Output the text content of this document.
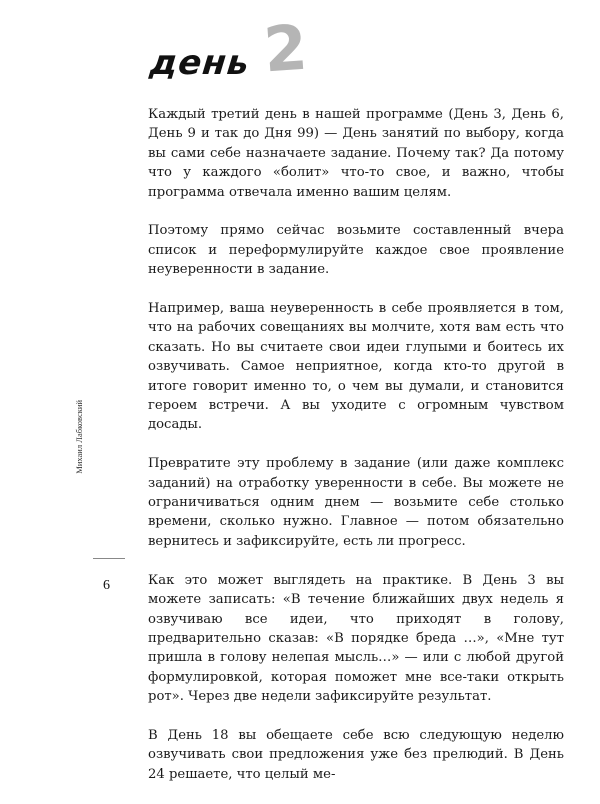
день 2

Каждый третий день в нашей программе (День 3, День 6, День 9 и так до Дня 99) — День занятий по выбору, когда вы сами себе назначаете задание. Почему так? Да потому что у каждого «болит» что-то свое, и важно, чтобы программа отвечала именно вашим целям.

Поэтому прямо сейчас возьмите составленный вчера список и переформулируйте каждое свое проявление неуверенности в задание.

Например, ваша неуверенность в себе проявляется в том, что на рабочих совещаниях вы молчите, хотя вам есть что сказать. Но вы считаете свои идеи глупыми и боитесь их озвучивать. Самое неприятное, когда кто-то другой в итоге говорит именно то, о чем вы думали, и становится героем встречи. А вы уходите с огромным чувством досады.

Превратите эту проблему в задание (или даже комплекс заданий) на отработку уверенности в себе. Вы можете не ограничиваться одним днем — возьмите себе столько времени, сколько нужно. Главное — потом обязательно вернитесь и зафиксируйте, есть ли прогресс.

Как это может выглядеть на практике. В День 3 вы можете записать: «В течение ближайших двух недель я озвучиваю все идеи, что приходят в голову, предварительно сказав: «В порядке бреда …», «Мне тут пришла в голову нелепая мысль…» — или с любой другой формулировкой, которая поможет мне все-таки открыть рот». Через две недели зафиксируйте результат.

В День 18 вы обещаете себе всю следующую неделю озвучивать свои предложения уже без прелюдий. В День 24 решаете, что целый ме-

Михаил Лабковский
6
